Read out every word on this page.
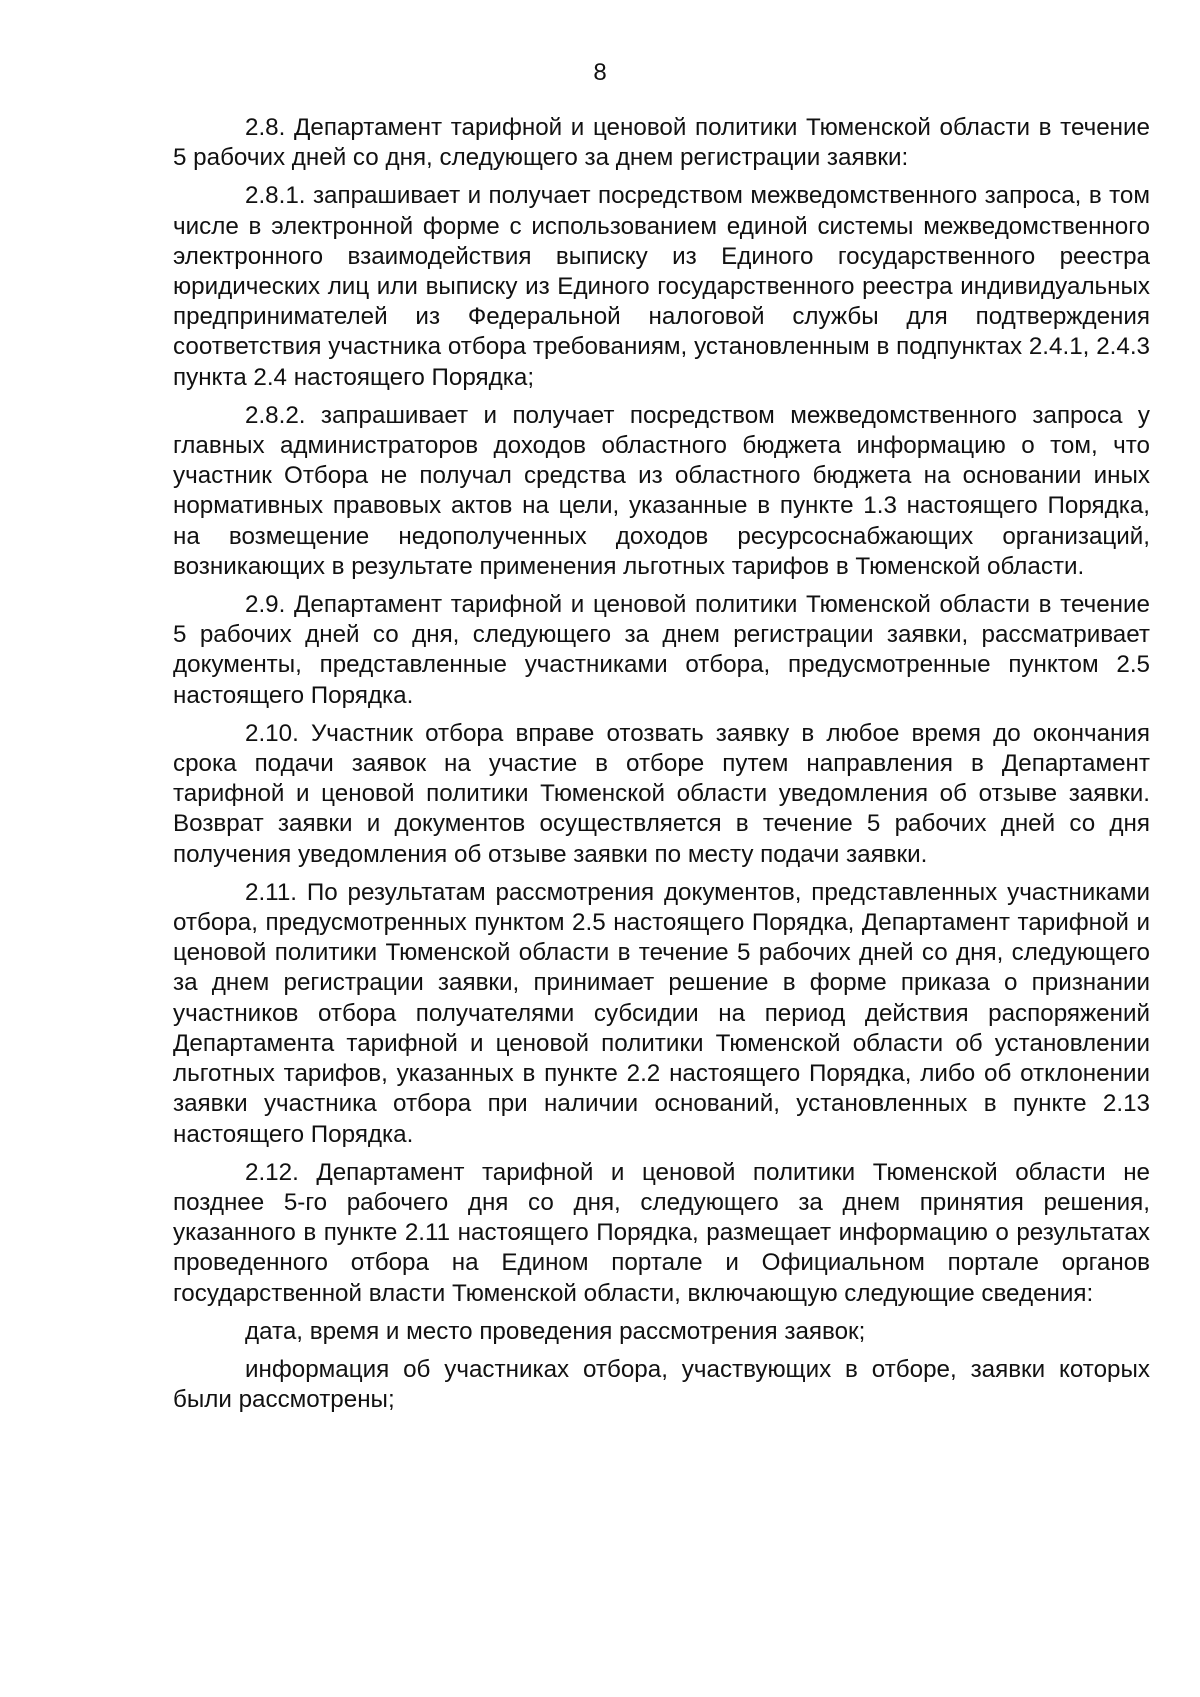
8

2.8. Департамент тарифной и ценовой политики Тюменской области в течение 5 рабочих дней со дня, следующего за днем регистрации заявки:

2.8.1. запрашивает и получает посредством межведомственного запроса, в том числе в электронной форме с использованием единой системы межведомственного электронного взаимодействия выписку из Единого государственного реестра юридических лиц или выписку из Единого государственного реестра индивидуальных предпринимателей из Федеральной налоговой службы для подтверждения соответствия участника отбора требованиям, установленным в подпунктах 2.4.1, 2.4.3 пункта 2.4 настоящего Порядка;

2.8.2. запрашивает и получает посредством межведомственного запроса у главных администраторов доходов областного бюджета информацию о том, что участник Отбора не получал средства из областного бюджета на основании иных нормативных правовых актов на цели, указанные в пункте 1.3 настоящего Порядка, на возмещение недополученных доходов ресурсоснабжающих организаций, возникающих в результате применения льготных тарифов в Тюменской области.

2.9. Департамент тарифной и ценовой политики Тюменской области в течение 5 рабочих дней со дня, следующего за днем регистрации заявки, рассматривает документы, представленные участниками отбора, предусмотренные пунктом 2.5 настоящего Порядка.

2.10. Участник отбора вправе отозвать заявку в любое время до окончания срока подачи заявок на участие в отборе путем направления в Департамент тарифной и ценовой политики Тюменской области уведомления об отзыве заявки. Возврат заявки и документов осуществляется в течение 5 рабочих дней со дня получения уведомления об отзыве заявки по месту подачи заявки.

2.11. По результатам рассмотрения документов, представленных участниками отбора, предусмотренных пунктом 2.5 настоящего Порядка, Департамент тарифной и ценовой политики Тюменской области в течение 5 рабочих дней со дня, следующего за днем регистрации заявки, принимает решение в форме приказа о признании участников отбора получателями субсидии на период действия распоряжений Департамента тарифной и ценовой политики Тюменской области об установлении льготных тарифов, указанных в пункте 2.2 настоящего Порядка, либо об отклонении заявки участника отбора при наличии оснований, установленных в пункте 2.13 настоящего Порядка.

2.12. Департамент тарифной и ценовой политики Тюменской области не позднее 5-го рабочего дня со дня, следующего за днем принятия решения, указанного в пункте 2.11 настоящего Порядка, размещает информацию о результатах проведенного отбора на Едином портале и Официальном портале органов государственной власти Тюменской области, включающую следующие сведения:

дата, время и место проведения рассмотрения заявок;

информация об участниках отбора, участвующих в отборе, заявки которых были рассмотрены;
